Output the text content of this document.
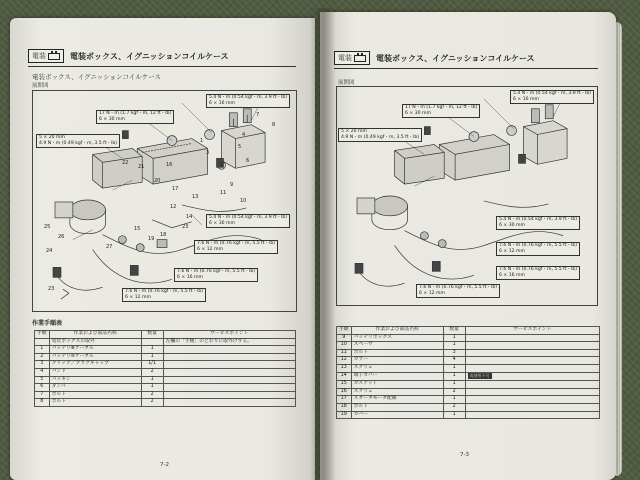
電装	電装ボックス、イグニッションコイルケース
電装ボックス、イグニッションコイルケース
展開図
5.4 N・m (0.54 kgf・m, 3.9 ft・lb)
6 × 16 mm
17 N・m (1.7 kgf・m, 12 ft・lb)
6 × 30 mm
5 × 20 mm
4.9 N・m (0.49 kgf・m, 3.5 ft・lb)
5.4 N・m (0.54 kgf・m, 3.9 ft・lb)
6 × 30 mm
7.6 N・m (0.76 kgf・m, 5.5 ft・lb)
6 × 12 mm
7.6 N・m (0.76 kgf・m, 5.5 ft・lb)
6 × 16 mm
7.6 N・m (0.76 kgf・m, 5.5 ft・lb)
6 × 12 mm
7
8
4
5
6
2
3
1
22
21	16
20
17
13
12
14
23
18
19
15
25
26
24
23
27
11
10
9
作業手順表
手順	作業および部品名称	数量	サービスポイント
	電装ボックスの取外		左欄の「手順」のとおりに取外けする。
1	バッテリ⊕ケーブル	1	
2	バッテリ⊖ケーブル	1	
3	クリップ／プラグキャップ	1/1	
4	バンド	2	
5	パッキン	1	
6	ダンパ	1	
7	ボルト	2	
8	ボルト	2	
7-2
電装	電装ボックス、イグニッションコイルケース
展開図
5.4 N・m (0.54 kgf・m, 3.9 ft・lb)
6 × 16 mm
17 N・m (1.7 kgf・m, 12 ft・lb)
6 × 30 mm
5 × 20 mm
4.9 N・m (0.49 kgf・m, 3.5 ft・lb)
5.4 N・m (0.54 kgf・m, 3.9 ft・lb)
6 × 30 mm
7.6 N・m (0.76 kgf・m, 5.5 ft・lb)
6 × 12 mm
7.6 N・m (0.76 kgf・m, 5.5 ft・lb)
6 × 16 mm
7.6 N・m (0.76 kgf・m, 5.5 ft・lb)
6 × 12 mm
手順	作業および部品名称	数量	サービスポイント
9	バッテリボックス	1	
10	スペーサ	1	
11	ボルト	3	
12	カラー	4	
13	スクリュ	1	
14	端子カバー	1	再使用不可
15	ガスケット	1	
16	スクリュ	2	
17	スタータモータ配線	1	
18	ボルト	2	
19	カバー	1	
7-3
